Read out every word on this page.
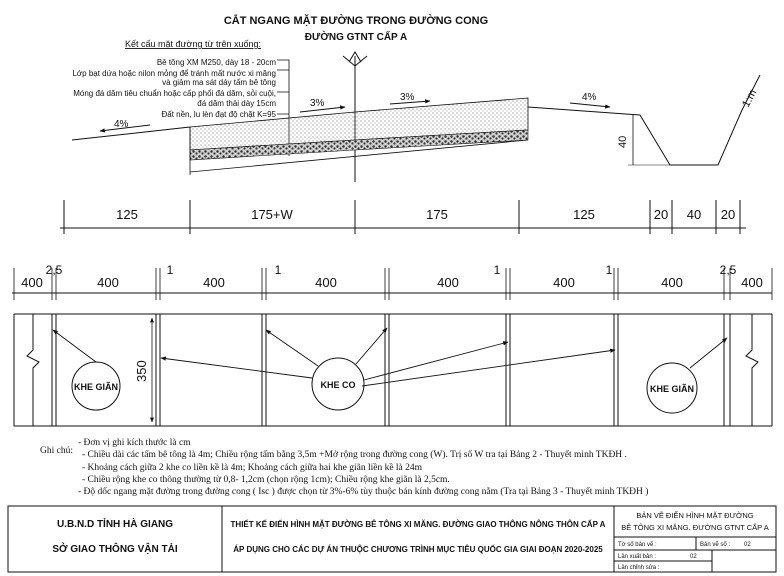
CẮT NGANG MẶT ĐƯỜNG TRONG ĐƯỜNG CONG
ĐƯỜNG GTNT CẤP A
Kết cấu mặt đường từ trên xuống:
Bê tông XM M250, dày 18 - 20cm
Lớp bạt dứa hoặc nilon mỏng để tránh mất nước xi măng
và giảm ma sát dáy tấm bê tông
Móng đá dăm tiêu chuẩn hoặc cấp phối đá dăm, sỏi cuội,
đá dăm thải dày 15cm
Đất nền, lu lèn đạt độ chặt K=95
4%
3%
3%	4%	1:m
40
125	175+W	175	125	20 40 20
400	400	400	400	400	400	400	400
2,5	1	1	1	1	2,5
350
KHE GIÃN	KHE CO	KHE GIÃN
U.B.N.D TỈNH HÀ GIANG
SỞ GIAO THÔNG VẬN TẢI
THIẾT KẾ ĐIỂN HÌNH MẶT ĐƯỜNG BÊ TÔNG XI MĂNG. ĐƯỜNG GIAO THÔNG NÔNG THÔN CẤP A
ÁP DỤNG CHO CÁC DỰ ÁN THUỘC CHƯƠNG TRÌNH MỤC TIÊU QUỐC GIA GIAI ĐOẠN 2020-2025
BẢN VẼ ĐIỂN HÌNH MẶT ĐƯỜNG
BÊ TÔNG XI MĂNG. ĐƯỜNG GTNT CẤP A
Tờ số bản vẽ :	Bản vẽ số : 02
Lần xuất bản :	02
Lần chỉnh sửa :
Ghi chú:
- Đơn vị ghi kích thước là cm
- Chiều dài các tấm bê tông là 4m; Chiều rộng tấm bằng 3,5m +Mở rộng trong đường cong (W). Trị số W tra tại Bảng 2 - Thuyết minh TKĐH .
- Khoảng cách giữa 2 khe co liền kề là 4m; Khoảng cách giữa hai khe giãn liền kề là 24m
- Chiều rộng khe co thông thường từ 0,8- 1,2cm (chọn rộng 1cm); Chiều rộng khe giãn là 2,5cm.
- Độ dốc ngang mặt đường trong đường cong ( Isc ) được chọn từ 3%-6% tùy thuộc bán kính đường cong nằm (Tra tại Bảng 3 - Thuyết minh TKĐH )
